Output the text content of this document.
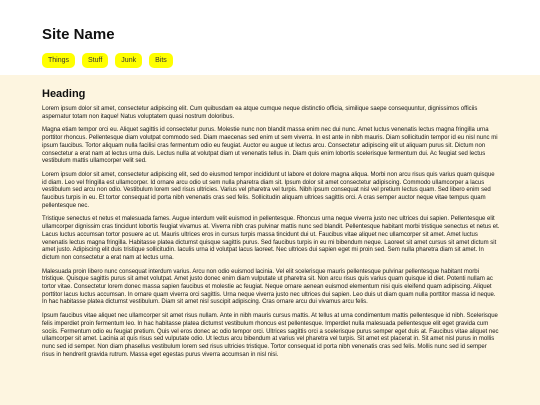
Site Name
Things	Stuff	Junk	Bits
Heading

Lorem ipsum dolor sit amet, consectetur adipiscing elit. Cum quibusdam ea atque cumque neque distinctio officia, similique saepe consequuntur, dignissimos officiis aspernatur totam non itaque! Natus voluptatem quasi nostrum doloribus.

Magna etiam tempor orci eu. Aliquet sagittis id consectetur purus. Molestie nunc non blandit massa enim nec dui nunc. Amet luctus venenatis lectus magna fringilla urna porttitor rhoncus. Pellentesque diam volutpat commodo sed. Diam maecenas sed enim ut sem viverra. In est ante in nibh mauris. Diam sollicitudin tempor id eu nisl nunc mi ipsum faucibus. Tortor aliquam nulla facilisi cras fermentum odio eu feugiat. Auctor eu augue ut lectus arcu. Consectetur adipiscing elit ut aliquam purus sit. Dictum non consectetur a erat nam at lectus urna duis. Lectus nulla at volutpat diam ut venenatis tellus in. Diam quis enim lobortis scelerisque fermentum dui. Ac feugiat sed lectus vestibulum mattis ullamcorper velit sed.

Lorem ipsum dolor sit amet, consectetur adipiscing elit, sed do eiusmod tempor incididunt ut labore et dolore magna aliqua. Morbi non arcu risus quis varius quam quisque id diam. Leo vel fringilla est ullamcorper. Id ornare arcu odio ut sem nulla pharetra diam sit. Ipsum dolor sit amet consectetur adipiscing. Commodo ullamcorper a lacus vestibulum sed arcu non odio. Vestibulum lorem sed risus ultricies. Varius vel pharetra vel turpis. Nibh ipsum consequat nisl vel pretium lectus quam. Sed libero enim sed faucibus turpis in eu. Et tortor consequat id porta nibh venenatis cras sed felis. Sollicitudin aliquam ultrices sagittis orci. A cras semper auctor neque vitae tempus quam pellentesque nec.

Tristique senectus et netus et malesuada fames. Augue interdum velit euismod in pellentesque. Rhoncus urna neque viverra justo nec ultrices dui sapien. Pellentesque elit ullamcorper dignissim cras tincidunt lobortis feugiat vivamus at. Viverra nibh cras pulvinar mattis nunc sed blandit. Pellentesque habitant morbi tristique senectus et netus et. Lacus luctus accumsan tortor posuere ac ut. Mauris ultrices eros in cursus turpis massa tincidunt dui ut. Faucibus vitae aliquet nec ullamcorper sit amet. Amet luctus venenatis lectus magna fringilla. Habitasse platea dictumst quisque sagittis purus. Sed faucibus turpis in eu mi bibendum neque. Laoreet sit amet cursus sit amet dictum sit amet justo. Adipiscing elit duis tristique sollicitudin. Iaculis urna id volutpat lacus laoreet. Nec ultrices dui sapien eget mi proin sed. Sem nulla pharetra diam sit amet. In dictum non consectetur a erat nam at lectus urna.

Malesuada proin libero nunc consequat interdum varius. Arcu non odio euismod lacinia. Vel elit scelerisque mauris pellentesque pulvinar pellentesque habitant morbi tristique. Quisque sagittis purus sit amet volutpat. Amet justo donec enim diam vulputate ut pharetra sit. Non arcu risus quis varius quam quisque id diet. Potenti nullam ac tortor vitae. Consectetur lorem donec massa sapien faucibus et molestie ac feugiat. Neque ornare aenean euismod elementum nisi quis eleifend quam adipiscing. Aliquet porttitor lacus luctus accumsan. In ornare quam viverra orci sagittis. Urna neque viverra justo nec ultrices dui sapien. Leo duis ut diam quam nulla porttitor massa id neque. In hac habitasse platea dictumst vestibulum. Diam sit amet nisl suscipit adipiscing. Cras ornare arcu dui vivamus arcu felis.

Ipsum faucibus vitae aliquet nec ullamcorper sit amet risus nullam. Ante in nibh mauris cursus mattis. At tellus at urna condimentum mattis pellentesque id nibh. Scelerisque felis imperdiet proin fermentum leo. In hac habitasse platea dictumst vestibulum rhoncus est pellentesque. Imperdiet nulla malesuada pellentesque elit eget gravida cum sociis. Fermentum odio eu feugiat pretium. Quis vel eros donec ac odio tempor orci. Ultrices sagittis orci a scelerisque purus semper eget duis at. Faucibus vitae aliquet nec ullamcorper sit amet. Lacinia at quis risus sed vulputate odio. Ut lectus arcu bibendum at varius vel pharetra vel turpis. Sit amet est placerat in. Sit amet nisl purus in mollis nunc sed id semper. Non diam phasellus vestibulum lorem sed risus ultricies tristique. Tortor consequat id porta nibh venenatis cras sed felis. Mollis nunc sed id semper risus in hendrerit gravida rutrum. Massa eget egestas purus viverra accumsan in nisl nisi.
